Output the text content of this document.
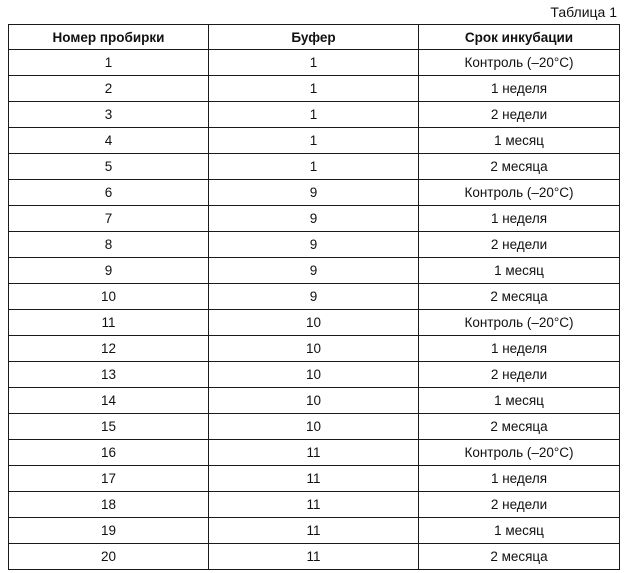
Таблица 1
Номер пробирки	Буфер	Срок инкубации
1	1	Контроль (–20°C)
2	1	1 неделя
3	1	2 недели
4	1	1 месяц
5	1	2 месяца
6	9	Контроль (–20°C)
7	9	1 неделя
8	9	2 недели
9	9	1 месяц
10	9	2 месяца
11	10	Контроль (–20°C)
12	10	1 неделя
13	10	2 недели
14	10	1 месяц
15	10	2 месяца
16	11	Контроль (–20°C)
17	11	1 неделя
18	11	2 недели
19	11	1 месяц
20	11	2 месяца
